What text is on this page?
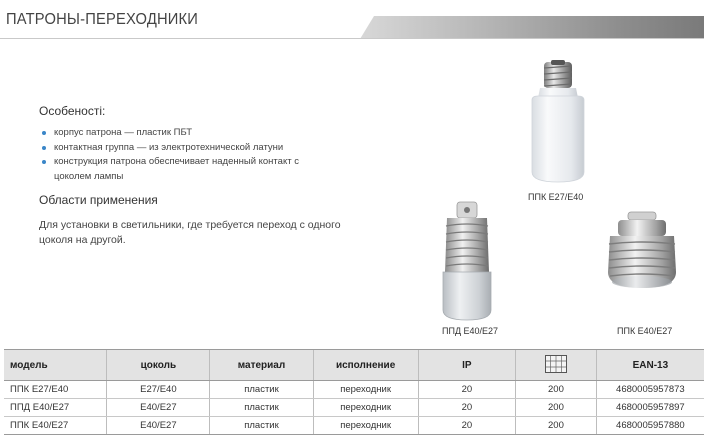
ПАТРОНЫ-ПЕРЕХОДНИКИ
Особеності:
корпус патрона — пластик ПБТ
контактная группа — из электротехнической латуни
конструкция патрона обеспечивает наденный контакт с цоколем лампы
Области применения
Для установки в светильники, где требуется переход с одного цоколя на другой.
ППК Е27/Е40
ППД Е40/Е27	ППК Е40/Е27
модель	цоколь	материал	исполнение	IP		EAN-13
ППК Е27/Е40	Е27/Е40	пластик	переходник	20	200	4680005957873
ППД Е40/Е27	Е40/Е27	пластик	переходник	20	200	4680005957897
ППК Е40/Е27	Е40/Е27	пластик	переходник	20	200	4680005957880
